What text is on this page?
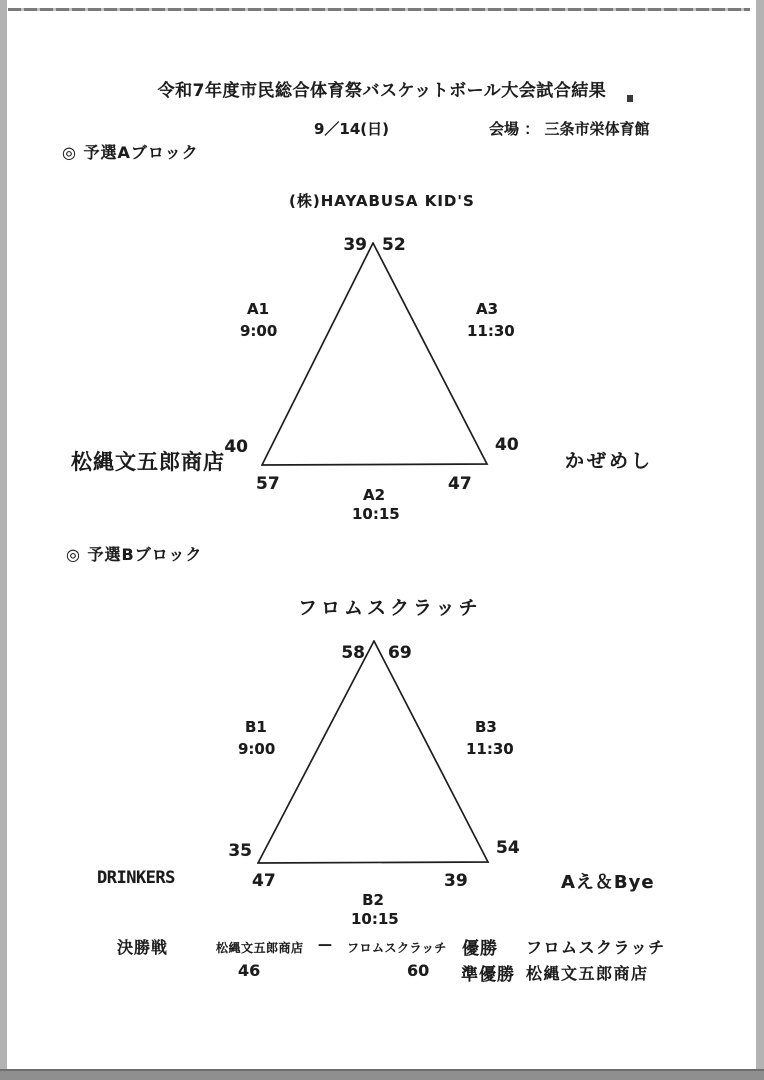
令和7年度市民総合体育祭バスケットボール大会試合結果
9／14(日)	会場 ： 三条市栄体育館
◎ 予選Aブロック
(株)HAYABUSA KID'S
39 52
A1
9:00
A3
11:30
40	40
松縄文五郎商店	かぜめし
57	47
A2
10:15
◎ 予選Bブロック
フロムスクラッチ
58 69
B1
9:00
B3
11:30
35	54
DRINKERS	Aえ＆Bye
47	39
B2
10:15
決勝戦	松縄文五郎商店 — フロムスクラッチ 優勝 フロムスクラッチ
46	60 準優勝 松縄文五郎商店
